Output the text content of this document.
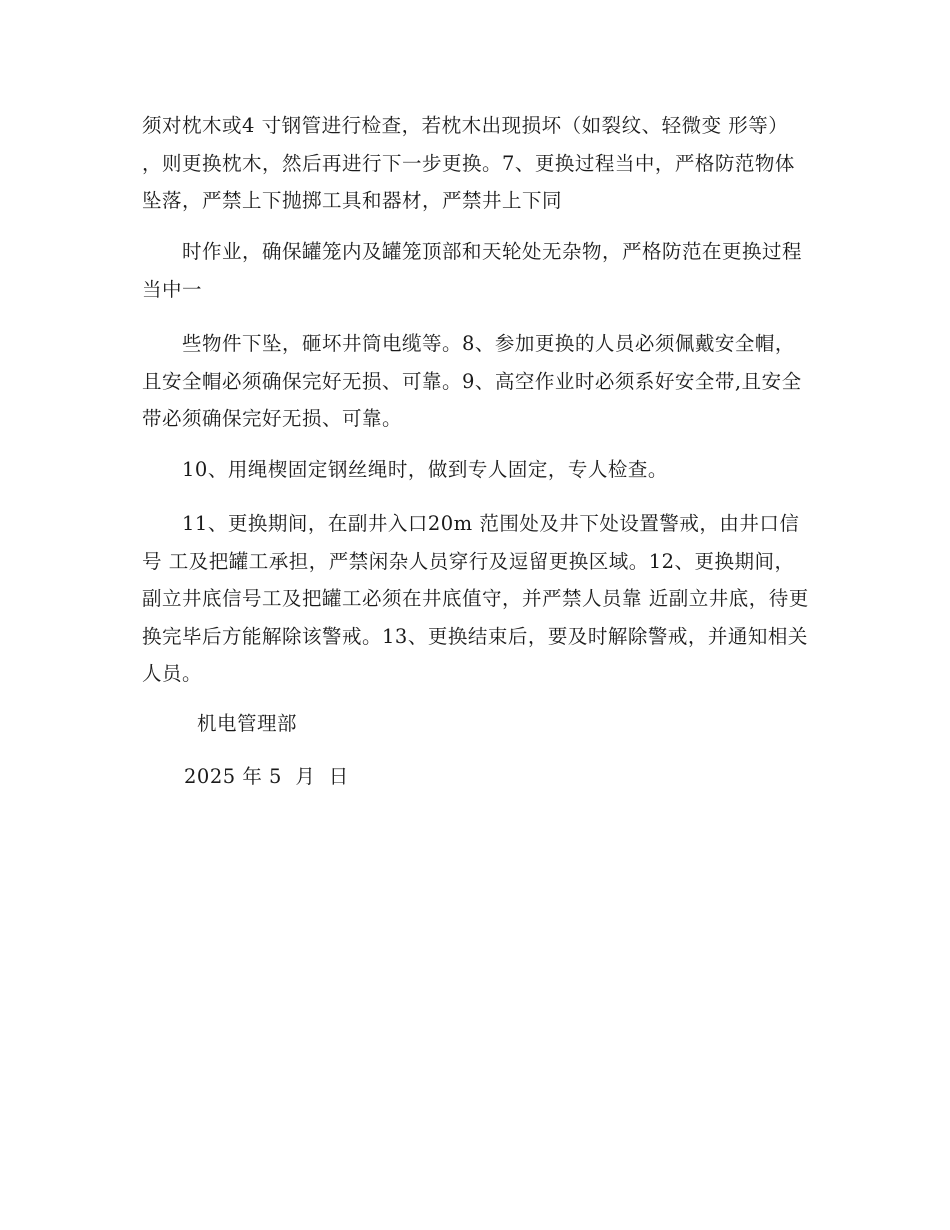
须对枕木或4 寸钢管进行检查，若枕木出现损坏（如裂纹、轻微变 形等） ，则更换枕木，然后再进行下一步更换。7、更换过程当中，严格防范物体坠落，严禁上下抛掷工具和器材，严禁井上下同

时作业，确保罐笼内及罐笼顶部和天轮处无杂物，严格防范在更换过程当中一

些物件下坠，砸坏井筒电缆等。8、参加更换的人员必须佩戴安全帽，且安全帽必须确保完好无损、可靠。9、高空作业时必须系好安全带,且安全带必须确保完好无损、可靠。

10、用绳楔固定钢丝绳时，做到专人固定，专人检查。

11、更换期间，在副井入口20m 范围处及井下处设置警戒，由井口信号 工及把罐工承担，严禁闲杂人员穿行及逗留更换区域。12、更换期间，副立井底信号工及把罐工必须在井底值守，并严禁人员靠 近副立井底，待更换完毕后方能解除该警戒。13、更换结束后，要及时解除警戒，并通知相关人员。

机电管理部

2025 年 5  月  日
